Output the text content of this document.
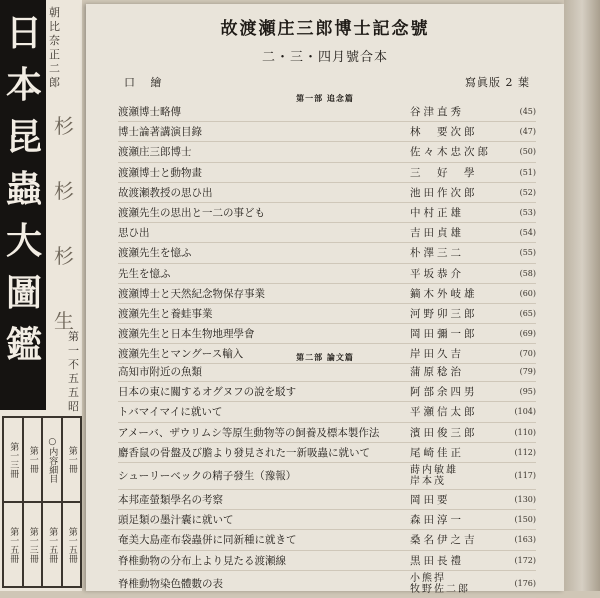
日
本
昆
蟲
大
圖
鑑
朝
比
奈
正
二
郎
杉
杉
杉
生
第
一
不
五
五
昭
第一三冊	第一冊	○内容細目	第一冊
第一五冊	第一三冊	第一五冊	第一五冊
故渡瀬庄三郎博士記念號
二・三・四月號合本
口 繪	寫眞版 2 葉
第一部 追念篇
渡瀬博士略傳	谷津直秀	(45)
博士論著講演目錄	林　要次郎	(47)
渡瀬庄三郎博士	佐々木忠次郎	(50)
渡瀬博士と動物畫	三　好　學	(51)
故渡瀬教授の思ひ出	池田作次郎	(52)
渡瀬先生の思出と一二の事ども	中村正雄	(53)
思ひ出	吉田貞雄	(54)
渡瀬先生を憶ふ	朴澤三二	(55)
先生を憶ふ	平坂恭介	(58)
渡瀬博士と天然紀念物保存事業	鏑木外岐雄	(60)
渡瀬先生と養蛙事業	河野卯三郎	(65)
渡瀬先生と日本生物地理學會	岡田彌一郎	(69)
渡瀬先生とマングース輸入	岸田久吉	(70)
第二部 論文篇
高知市附近の魚類	蒲原稔治	(79)
日本の東に關するオグヌフの說を駁す	阿部余四男	(95)
トバマイマイに就いて	平瀬信太郎	(104)
アメーバ、ザウリムシ等原生動物等の飼養及標本製作法	濱田俊三郎	(110)
麝香鼠の骨盤及び膽より發見された一新吸蟲に就いて	尾崎佳正	(112)
シューリーベックの精子發生（豫報）	蒔内敏雄
岸本茂	(117)
本邦產螢類學名の考察	岡田要	(130)
頭足類の墨汁囊に就いて	森田淳一	(150)
奄美大島產布袋蟲併に同新種に就きて	桑名伊之吉	(163)
脊椎動物の分布上より見たる渡瀬線	黒田長禮	(172)
脊椎動物染色體數の表	小熊捍
牧野佐二郎	(176)
